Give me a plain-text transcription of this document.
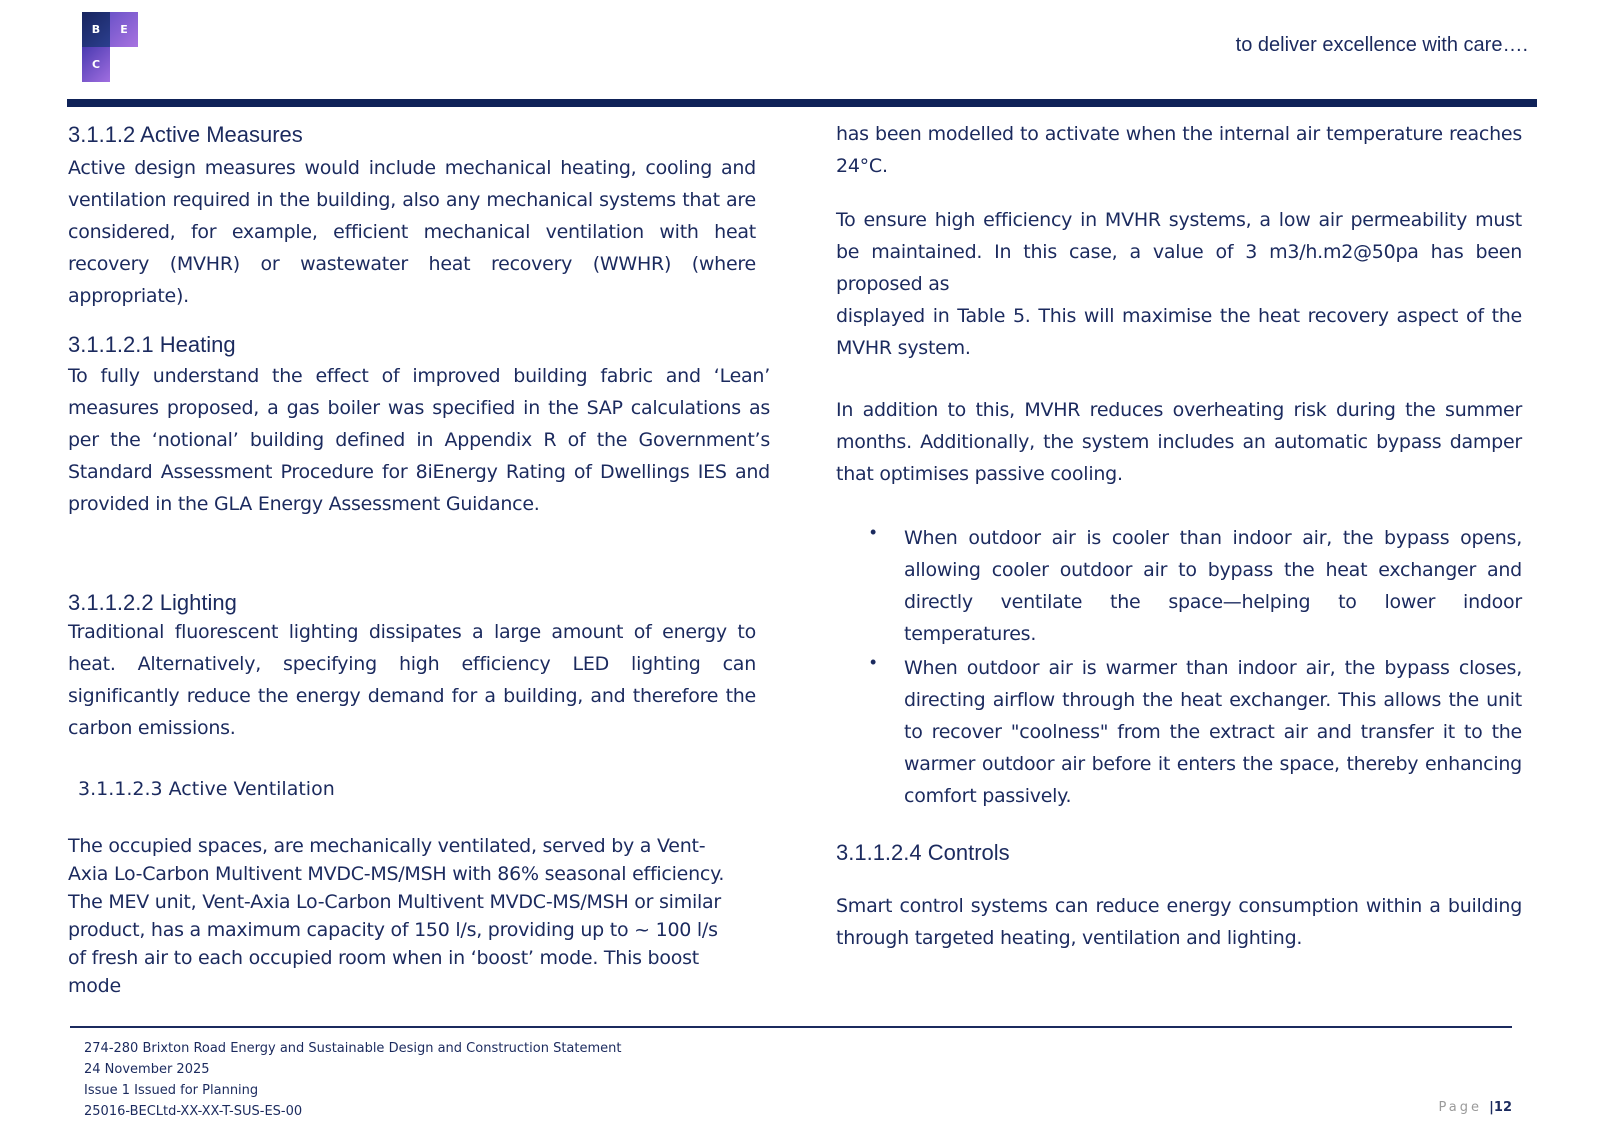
B	E
C
to deliver excellence with care….
3.1.1.2 Active Measures

Active design measures would include mechanical heating, cooling and ventilation required in the building, also any mechanical systems that are considered, for example, efficient mechanical ventilation with heat recovery (MVHR) or wastewater heat recovery (WWHR) (where appropriate).

3.1.1.2.1 Heating

To fully understand the effect of improved building fabric and ‘Lean’ measures proposed, a gas boiler was specified in the SAP calculations as per the ‘notional’ building defined in Appendix R of the Government’s Standard Assessment Procedure for 8iEnergy Rating of Dwellings IES and provided in the GLA Energy Assessment Guidance.

3.1.1.2.2 Lighting

Traditional fluorescent lighting dissipates a large amount of energy to heat. Alternatively, specifying high efficiency LED lighting can significantly reduce the energy demand for a building, and therefore the carbon emissions.

3.1.1.2.3 Active Ventilation

The occupied spaces, are mechanically ventilated, served by a Vent-Axia Lo-Carbon Multivent MVDC-MS/MSH with 86% seasonal efficiency. The MEV unit, Vent-Axia Lo-Carbon Multivent MVDC-MS/MSH or similar product, has a maximum capacity of 150 l/s, providing up to ~ 100 l/s of fresh air to each occupied room when in ‘boost’ mode. This boost mode

has been modelled to activate when the internal air temperature reaches 24°C.

To ensure high efficiency in MVHR systems, a low air permeability must be maintained. In this case, a value of 3 m3/h.m2@50pa has been proposed as

displayed in Table 5. This will maximise the heat recovery aspect of the MVHR system.

In addition to this, MVHR reduces overheating risk during the summer months. Additionally, the system includes an automatic bypass damper that optimises passive cooling.

• When outdoor air is cooler than indoor air, the bypass opens, allowing cooler outdoor air to bypass the heat exchanger and directly ventilate the space—helping to lower indoor temperatures.

• When outdoor air is warmer than indoor air, the bypass closes, directing airflow through the heat exchanger. This allows the unit to recover "coolness" from the extract air and transfer it to the warmer outdoor air before it enters the space, thereby enhancing comfort passively.

3.1.1.2.4 Controls

Smart control systems can reduce energy consumption within a building through targeted heating, ventilation and lighting.

274-280 Brixton Road Energy and Sustainable Design and Construction Statement
24 November 2025
Issue 1 Issued for Planning
25016-BECLtd-XX-XX-T-SUS-ES-00	Page |12
